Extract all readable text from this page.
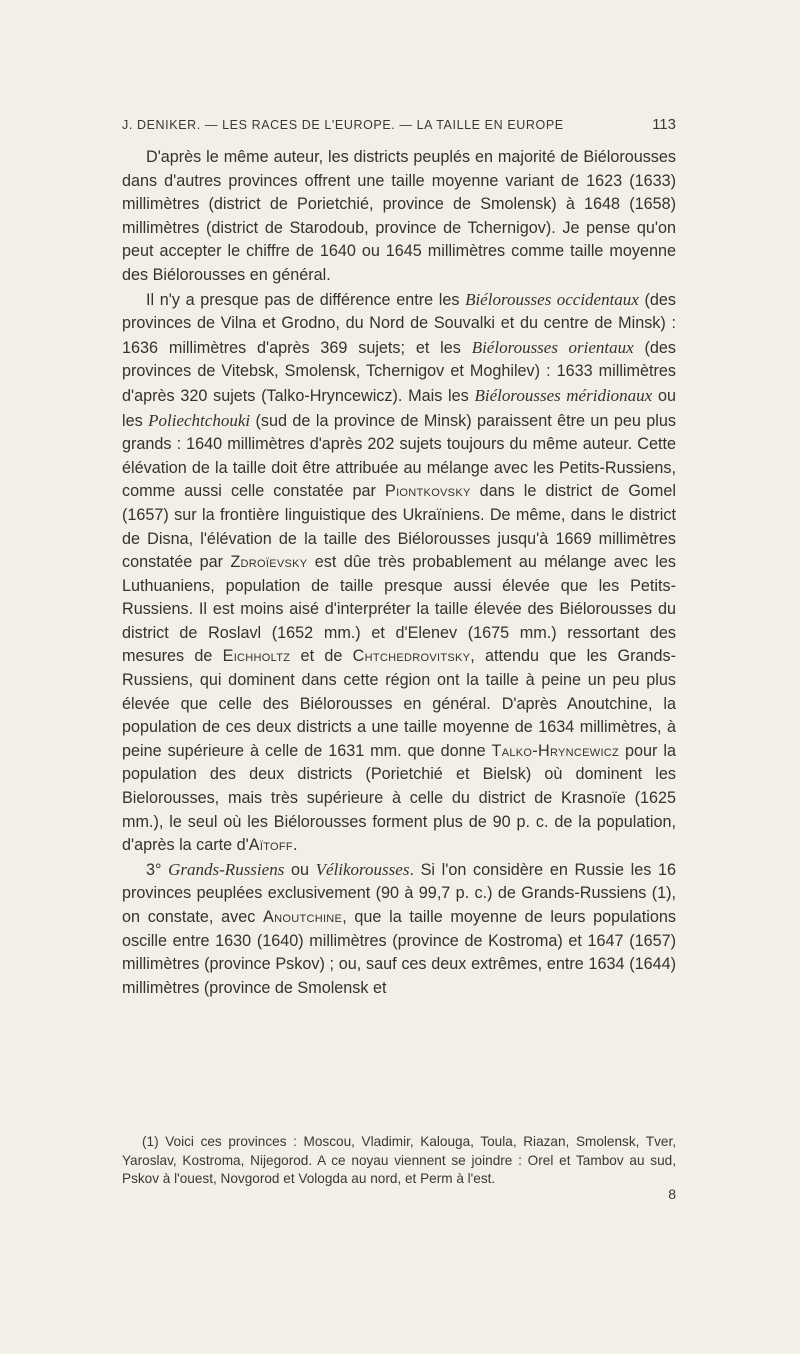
J. DENIKER. — LES RACES DE L'EUROPE. — LA TAILLE EN EUROPE	113

D'après le même auteur, les districts peuplés en majorité de Biélorousses dans d'autres provinces offrent une taille moyenne variant de 1623 (1633) millimètres (district de Porietchié, province de Smolensk) à 1648 (1658) millimètres (district de Starodoub, province de Tchernigov). Je pense qu'on peut accepter le chiffre de 1640 ou 1645 millimètres comme taille moyenne des Biélorousses en général.

Il n'y a presque pas de différence entre les Biélorousses occidentaux (des provinces de Vilna et Grodno, du Nord de Souvalki et du centre de Minsk) : 1636 millimètres d'après 369 sujets; et les Biélorousses orientaux (des provinces de Vitebsk, Smolensk, Tchernigov et Moghilev) : 1633 millimètres d'après 320 sujets (Talko-Hryncewicz). Mais les Biélorousses méridionaux ou les Poliechtchouki (sud de la province de Minsk) paraissent être un peu plus grands : 1640 millimètres d'après 202 sujets toujours du même auteur. Cette élévation de la taille doit être attribuée au mélange avec les Petits-Russiens, comme aussi celle constatée par Piontkovsky dans le district de Gomel (1657) sur la frontière linguistique des Ukraïniens. De même, dans le district de Disna, l'élévation de la taille des Biélorousses jusqu'à 1669 millimètres constatée par Zdroïevsky est dûe très probablement au mélange avec les Luthuaniens, population de taille presque aussi élevée que les Petits-Russiens. Il est moins aisé d'interpréter la taille élevée des Biélorousses du district de Roslavl (1652 mm.) et d'Elenev (1675 mm.) ressortant des mesures de Eichholtz et de Chtchedrovitsky, attendu que les Grands-Russiens, qui dominent dans cette région ont la taille à peine un peu plus élevée que celle des Biélorousses en général. D'après Anoutchine, la population de ces deux districts a une taille moyenne de 1634 millimètres, à peine supérieure à celle de 1631 mm. que donne Talko-Hryncewicz pour la population des deux districts (Porietchié et Bielsk) où dominent les Bielorousses, mais très supérieure à celle du district de Krasnoïe (1625 mm.), le seul où les Biélorousses forment plus de 90 p. c. de la population, d'après la carte d'Aïtoff.

3° Grands-Russiens ou Vélikorousses. Si l'on considère en Russie les 16 provinces peuplées exclusivement (90 à 99,7 p. c.) de Grands-Russiens (1), on constate, avec Anoutchine, que la taille moyenne de leurs populations oscille entre 1630 (1640) millimètres (province de Kostroma) et 1647 (1657) millimètres (province Pskov) ; ou, sauf ces deux extrêmes, entre 1634 (1644) millimètres (province de Smolensk et

(1) Voici ces provinces : Moscou, Vladimir, Kalouga, Toula, Riazan, Smolensk, Tver, Yaroslav, Kostroma, Nijegorod. A ce noyau viennent se joindre : Orel et Tambov au sud, Pskov à l'ouest, Novgorod et Vologda au nord, et Perm à l'est.

8
